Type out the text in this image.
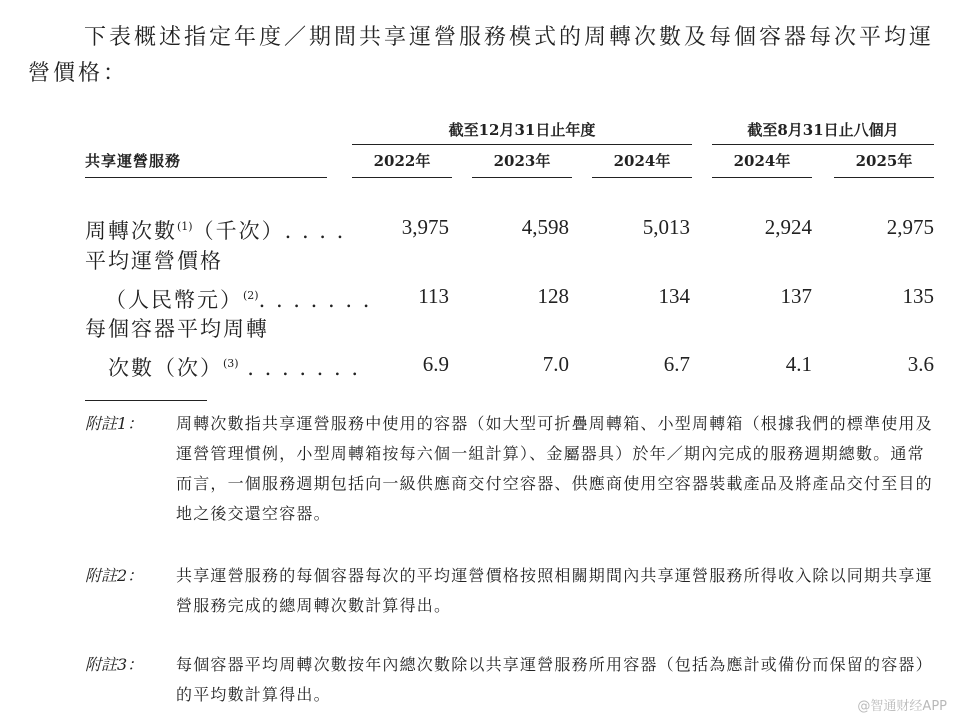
下表概述指定年度／期間共享運營服務模式的周轉次數及每個容器每次平均運營價格：

截至12月31日止年度	截至8月31日止八個月
共享運營服務	2022年	2023年	2024年	2024年	2025年
周轉次數$^{(1)}$（千次）. . . .	3,975	4,598	5,013	2,924	2,975
平均運營價格
（人民幣元）$^{(2)}$. . . . . . .	113	128	134	137	135
每個容器平均周轉
次數（次）$^{(3)}$ . . . . . . .	6.9	7.0	6.7	4.1	3.6
附註1： 周轉次數指共享運營服務中使用的容器（如大型可折疊周轉箱、小型周轉箱（根據我們的標準使用及運營管理慣例，小型周轉箱按每六個一組計算）、金屬器具）於年／期內完成的服務週期總數。通常而言，一個服務週期包括向一級供應商交付空容器、供應商使用空容器裝載產品及將產品交付至目的地之後交還空容器。

附註2： 共享運營服務的每個容器每次的平均運營價格按照相關期間內共享運營服務所得收入除以同期共享運營服務完成的總周轉次數計算得出。

附註3： 每個容器平均周轉次數按年內總次數除以共享運營服務所用容器（包括為應計或備份而保留的容器）的平均數計算得出。

@智通财经APP
